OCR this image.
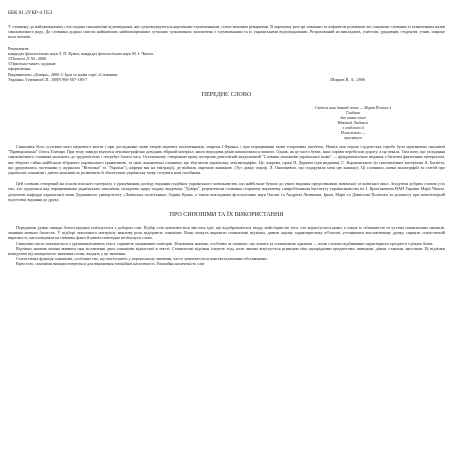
ББК 81.2УКР-4 П53

У словнику до найуживаніших слів подано синонімічні відповідники, які супроводжуються короткими тлумаченнями, стилістичними ремарками. В окремому реєстрі показано за алфавітом розміщені всі синоніми словника із зазначенням назви синонімічного ряду. До словника додано список найновіших найпоширеніших сучасних чужомовних запозичень з тлумаченнями та їх українськими відповідниками. Розрахований на викладачів, учителів, урядовців, студентів, учнів, широке коло читачів.

Рецензенти:
кандидат філологічних наук З. П. Куньч, кандидат філологічних наук М. І. Чікало.
©Полюга Л. М., 2006
©Оригінал-макет, художнє
оформлення.
Видавництво «Довіра», 2006 © Ідея та назва серії «Словники
України» ГуменюкЄ.П., ISBN 966-507-180-7	Ширяєв В. А., 2006
ПЕРЕДНЄ СЛОВО
Світом наш дивний живе — Марія Полюга з
Глибини
дне мами-пісні
Вдячний Людмилі
з глибокою й
Полюжною —
присвячую

Синонімія була суттєвим мого наукового життя і при дослідженні мови творів окремих письменників, зокрема І.Франка, і при опрацюванні мови історичних пам'яток. Навіть моя перша студентська спроба була присвячена синонімії "Приворожіння" Олеся Гончара. При тому завжди відчувся лексикографічно довідник збірний матеріал, якого впродовж років накопичилося чимало. Однак, як це часто буває, інші справи перебігали дорогу, а ця чекала. Тим паче, що укладання синонімічного словника належить до трудомістких і потребує багато часу. Остаточному створенню праці посприяв довголітній академічний "Словник синонімів української мови" — фундаментальне видання з багатим фактичним матеріалом, яке зберігає стійко найбільше зібраного українського граматикою, та інші синонімічні словники, що збагатили українську лексикографію. Це, зокрема, праці П. Деркачa (три видання), С. Караванського (із синонімічних матеріалів А. Багмета, що друкувались частинами у журналах "Вітчизна" та "Україна"), кафери вжt на еміграції), де вийшли окремою книжкою. (Тут діжку пороф. Л. Онишкевич, що подарувала мені цю книжку). Ці словники, низка монографій та статей про українські синоніми і дають можливість розмежити й збагатувати українську мову, сотувати нові посібника.

Цей словник створений на основі власного матеріалу з урахуванням досвіду видання подібних українського мовознавства, що найбільше бувало до уваги видання представників львівської та київської шкіл. Згадуючи добрим словом усіх тих, хто трудилися над опрацюванням українських синонімів, складаємо щиру подяку академіку "Довіра", рецензентам словника старшому науковому співробітникові Інституту українознавства ім. І. Крип'якевича НАН України Марії Чікало, доцентові кафедри української мови Державного університету «Львівська політехніка» Зорині Куньч, а також викладачам філологічних наук Оксані та Андрієві Литвинам, Ірині, Марії та Даниїлові Полюгам за допомогу при комп'ютерній підготовці видання до друку.

ПРО СИНОНІМИ ТА ЇХ ВИКОРИСТАННЯ

Передаючи думки завжди безпосередньо пов'язується з добором слів. Підбір слів зумовлюється змістом, ідеї, що відображаються твору, майстерністю того, хто користується ними, а також їх обізнаністю та чуттям семантичних нюансів, знанням мовних багатств. У підборі лексичного матеріалу важливу роль відіграють синоніми. Вони можуть виразити семантичні відтінки, давати оцінну характеристику об'єктові, уточнювати висловлювану думку, сприяти стилістичній виразності, наголошувати на певному факті й навіть повсюдно незбагнути слово.

Синоніми часто показуються з урізноманітнюють текст, сприяють уникненню повторів. Зближення значень, особливо за ознакою, що лежить за семантикою однакові — вони служать відбиванню характерного предмета з різних боків.

Відтінки значень можна виявити при зіставленні двох синонімів відчастної в тексті. Семантичні відтінки існують тоді, коли звична візуітується різницею між однорідними предметами, явищами, діями, станами, якостями. Ці відтінки невиділені від конкретного значення слова, входять у це значення.

Стилістична функція синонімів, особливо тих, що виступають у переносному значенні, часто зумовлюється контекстуальними обставинами.

Крім того, синоніми використовуються для вираження емоційної насиченості. Емоційна насиченість слів
